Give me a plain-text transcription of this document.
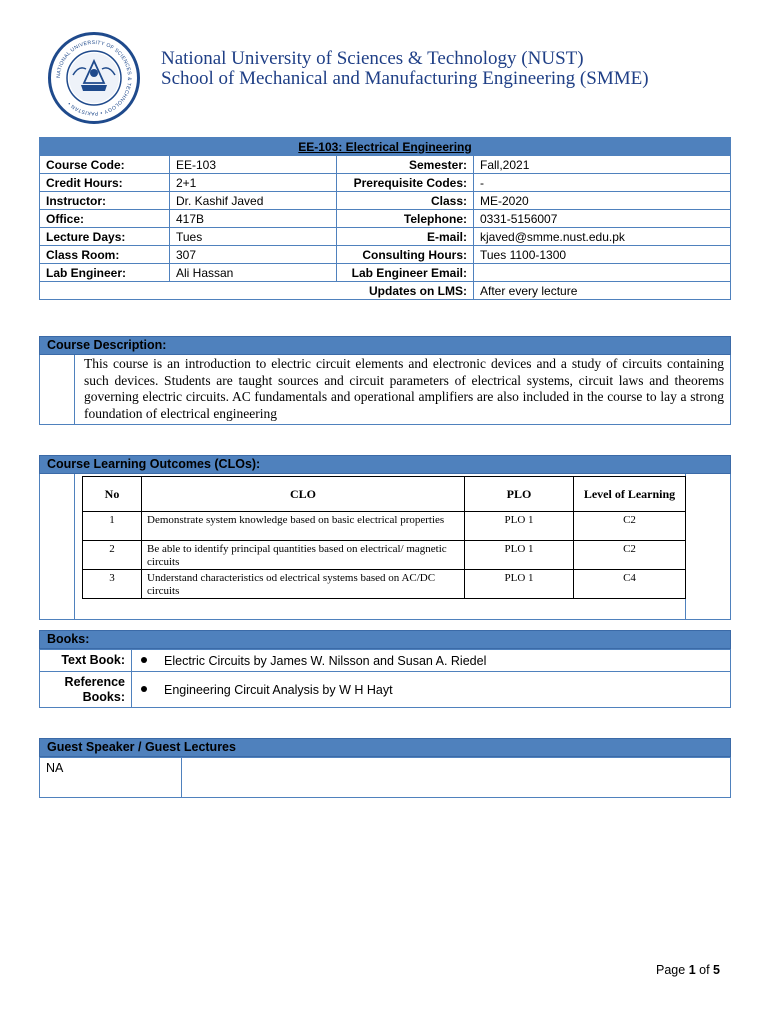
NATIONAL UNIVERSITY OF SCIENCES & TECHNOLOGY • PAKISTAN •
National University of Sciences & Technology (NUST)
School of Mechanical and Manufacturing Engineering (SMME)
EE-103: Electrical Engineering			
Course Code:	EE-103	Semester:	Fall,2021
Credit Hours:	2+1	Prerequisite Codes:	-
Instructor:	Dr. Kashif Javed	Class:	ME-2020
Office:	417B	Telephone:	0331-5156007
Lecture Days:	Tues	E-mail:	kjaved@smme.nust.edu.pk
Class Room:	307	Consulting Hours:	Tues 1100-1300
Lab Engineer:	Ali Hassan	Lab Engineer Email:	
Updates on LMS:			After every lecture
Course Description:
This course is an introduction to electric circuit elements and electronic devices and a study of circuits containing such devices. Students are taught sources and circuit parameters of electrical systems, circuit laws and theorems governing electric circuits. AC fundamentals and operational amplifiers are also included in the course to lay a strong foundation of electrical engineering
Course Learning Outcomes (CLOs):
No	CLO	PLO	Level of Learning
1	Demonstrate system knowledge based on basic electrical properties	PLO 1	C2
2	Be able to identify principal quantities based on electrical/ magnetic circuits	PLO 1	C2
3	Understand characteristics od electrical systems based on AC/DC circuits	PLO 1	C4
Books:
Text Book:	Electric Circuits by James W. Nilsson and Susan A. Riedel
Reference Books:	Engineering Circuit Analysis by W H Hayt
Guest Speaker / Guest Lectures
NA	
Page 1 of 5
